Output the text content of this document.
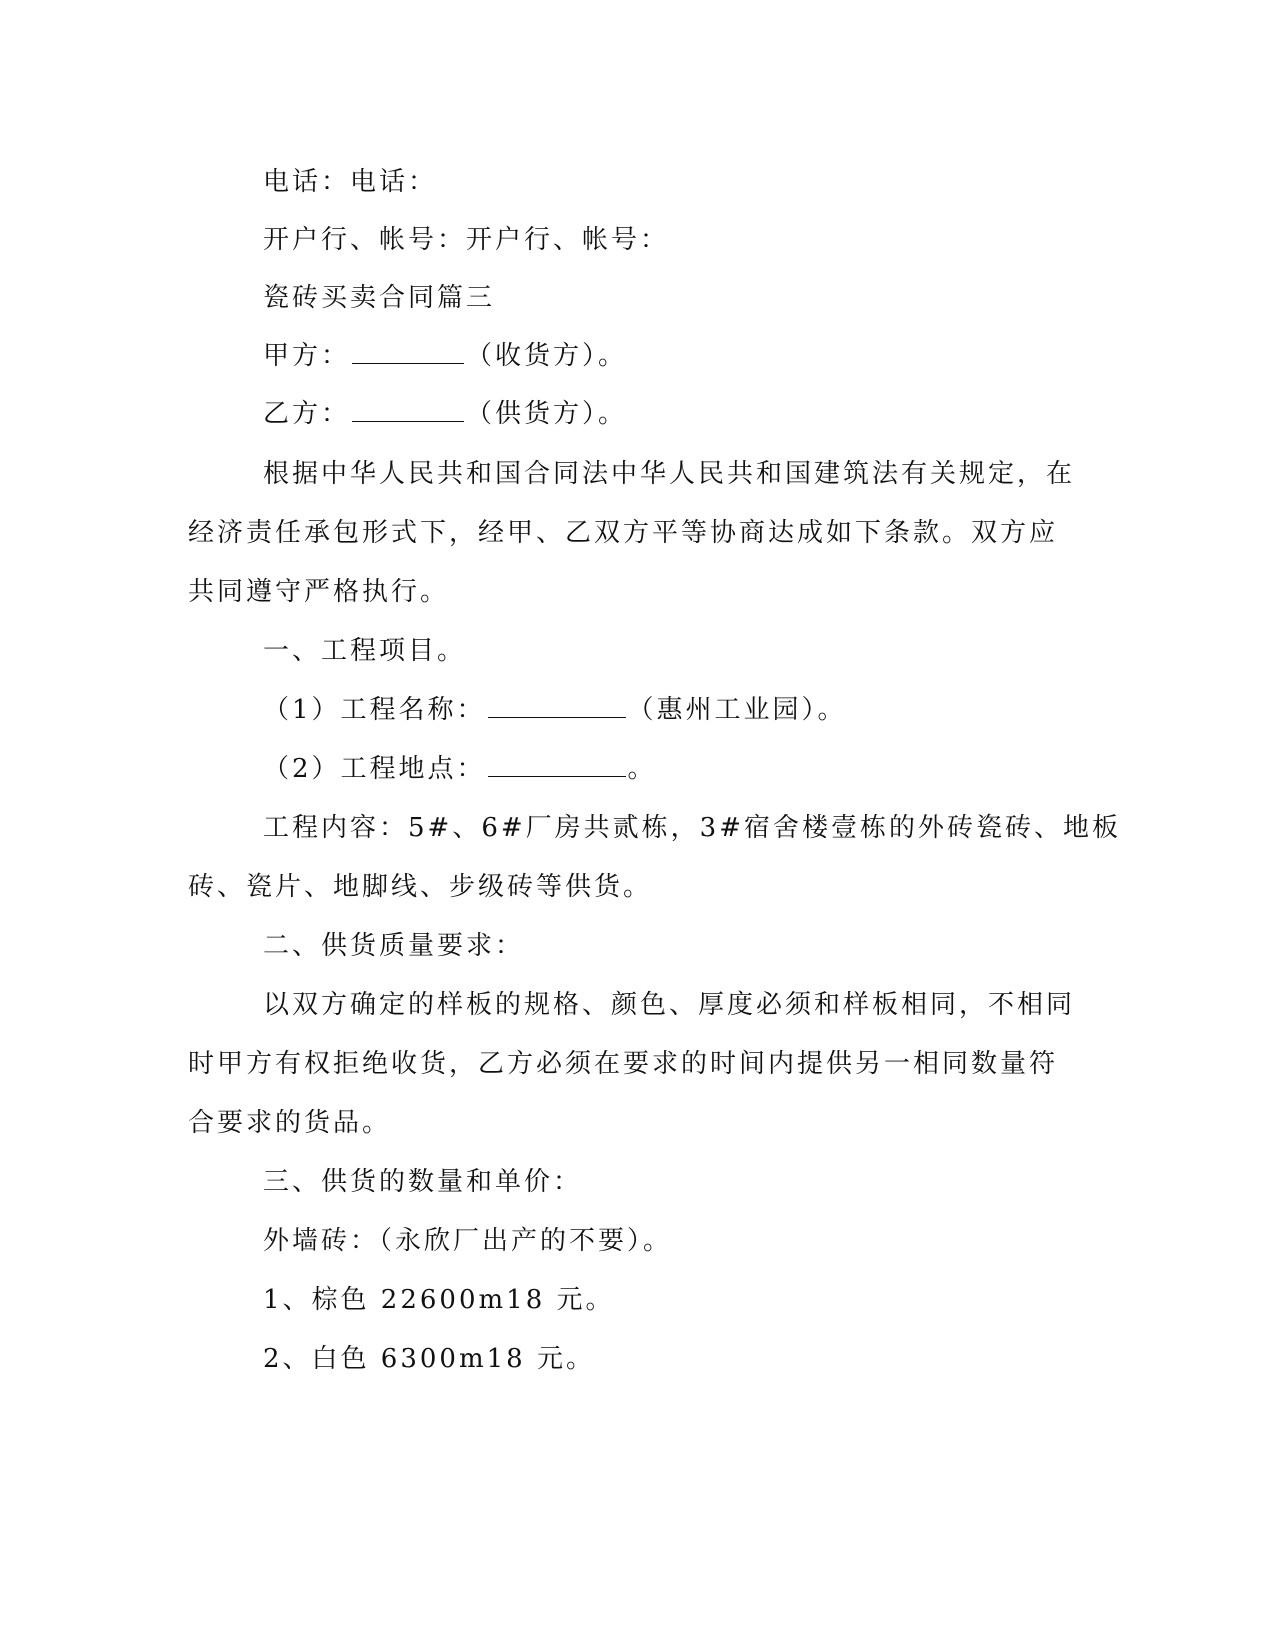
电话：电话：
开户行、帐号：开户行、帐号：
瓷砖买卖合同篇三
甲方：	（收货方）。
乙方：	（供货方）。
根据中华人民共和国合同法中华人民共和国建筑法有关规定，在
经济责任承包形式下，经甲、乙双方平等协商达成如下条款。双方应
共同遵守严格执行。
一、工程项目。
（1）工程名称：	（惠州工业园）。
（2）工程地点：	。
工程内容：5#、6#厂房共贰栋，3#宿舍楼壹栋的外砖瓷砖、地板
砖、瓷片、地脚线、步级砖等供货。
二、供货质量要求：
以双方确定的样板的规格、颜色、厚度必须和样板相同，不相同
时甲方有权拒绝收货，乙方必须在要求的时间内提供另一相同数量符
合要求的货品。
三、供货的数量和单价：
外墙砖：（永欣厂出产的不要）。
1、棕色 22600m18 元。
2、白色 6300m18 元。
